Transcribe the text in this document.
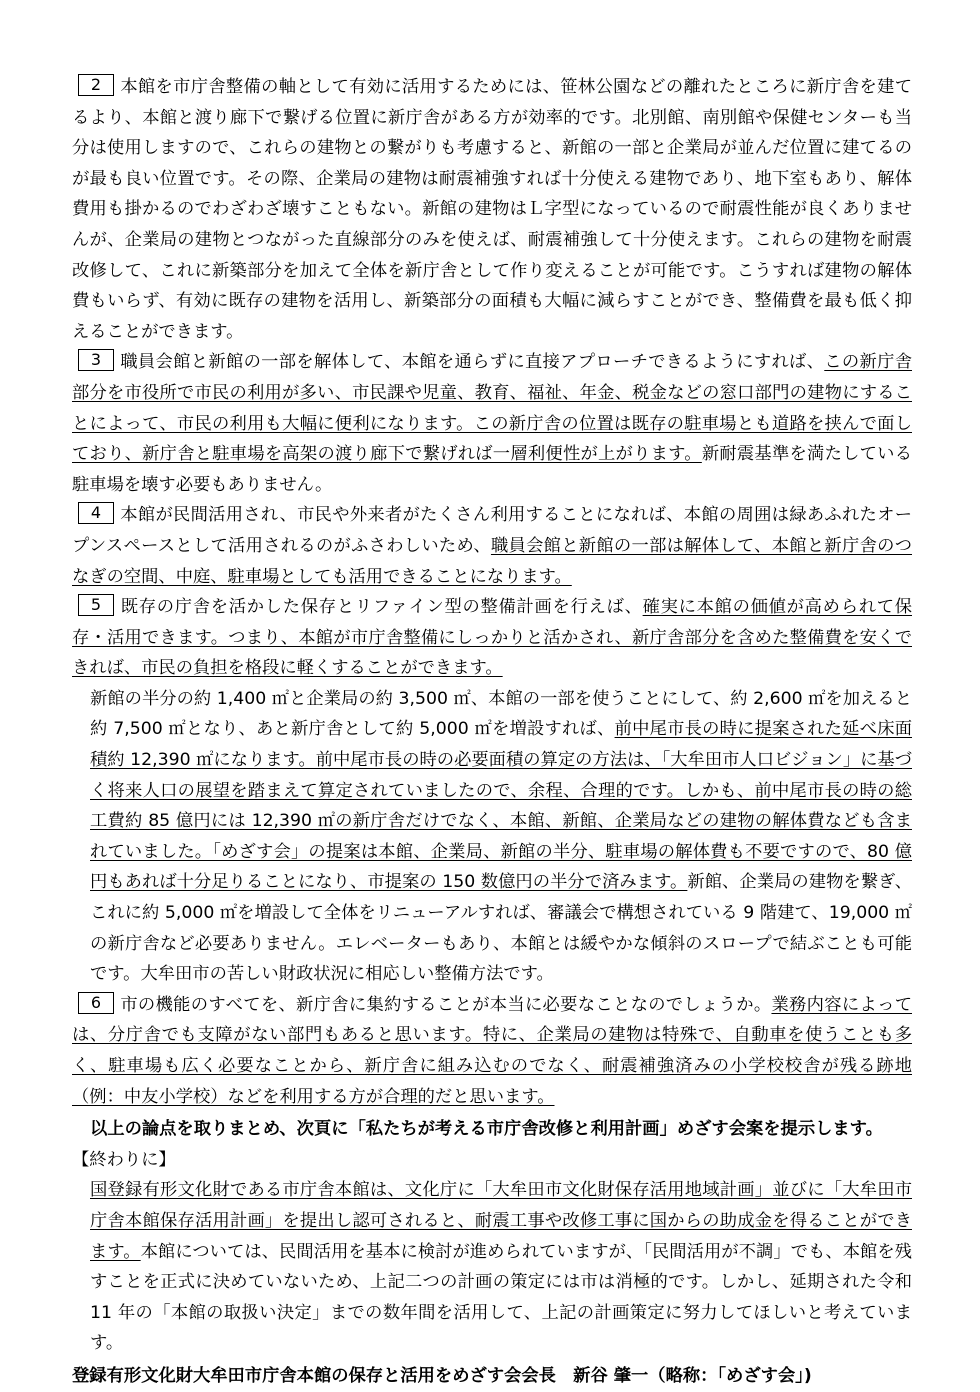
2 本館を市庁舎整備の軸として有効に活用するためには、笹林公園などの離れたところに新庁舎を建てるより、本館と渡り廊下で繋げる位置に新庁舎がある方が効率的です。北別館、南別館や保健センターも当分は使用しますので、これらの建物との繋がりも考慮すると、新館の一部と企業局が並んだ位置に建てるのが最も良い位置です。その際、企業局の建物は耐震補強すれば十分使える建物であり、地下室もあり、解体費用も掛かるのでわざわざ壊すこともない。新館の建物はＬ字型になっているので耐震性能が良くありませんが、企業局の建物とつながった直線部分のみを使えば、耐震補強して十分使えます。これらの建物を耐震改修して、これに新築部分を加えて全体を新庁舎として作り変えることが可能です。こうすれば建物の解体費もいらず、有効に既存の建物を活用し、新築部分の面積も大幅に減らすことができ、整備費を最も低く抑えることができます。

3 職員会館と新館の一部を解体して、本館を通らずに直接アプローチできるようにすれば、この新庁舎部分を市役所で市民の利用が多い、市民課や児童、教育、福祉、年金、税金などの窓口部門の建物にすることによって、市民の利用も大幅に便利になります。この新庁舎の位置は既存の駐車場とも道路を挟んで面しており、新庁舎と駐車場を高架の渡り廊下で繋げれば一層利便性が上がります。新耐震基準を満たしている駐車場を壊す必要もありません。

4 本館が民間活用され、市民や外来者がたくさん利用することになれば、本館の周囲は緑あふれたオープンスペースとして活用されるのがふさわしいため、職員会館と新館の一部は解体して、本館と新庁舎のつなぎの空間、中庭、駐車場としても活用できることになります。

5 既存の庁舎を活かした保存とリファイン型の整備計画を行えば、確実に本館の価値が高められて保存・活用できます。つまり、本館が市庁舎整備にしっかりと活かされ、新庁舎部分を含めた整備費を安くできれば、市民の負担を格段に軽くすることができます。

新館の半分の約 1,400 ㎡と企業局の約 3,500 ㎡、本館の一部を使うことにして、約 2,600 ㎡を加えると約 7,500 ㎡となり、あと新庁舎として約 5,000 ㎡を増設すれば、前中尾市長の時に提案された延べ床面積約 12,390 ㎡になります。前中尾市長の時の必要面積の算定の方法は、「大牟田市人口ビジョン」に基づく将来人口の展望を踏まえて算定されていましたので、余程、合理的です。しかも、前中尾市長の時の総工費約 85 億円には 12,390 ㎡の新庁舎だけでなく、本館、新館、企業局などの建物の解体費なども含まれていました。「めざす会」の提案は本館、企業局、新館の半分、駐車場の解体費も不要ですので、80 億円もあれば十分足りることになり、市提案の 150 数億円の半分で済みます。新館、企業局の建物を繋ぎ、これに約 5,000 ㎡を増設して全体をリニューアルすれば、審議会で構想されている 9 階建て、19,000 ㎡の新庁舎など必要ありません。エレベーターもあり、本館とは緩やかな傾斜のスロープで結ぶことも可能です。大牟田市の苦しい財政状況に相応しい整備方法です。

6 市の機能のすべてを、新庁舎に集約することが本当に必要なことなのでしょうか。業務内容によっては、分庁舎でも支障がない部門もあると思います。特に、企業局の建物は特殊で、自動車を使うことも多く、駐車場も広く必要なことから、新庁舎に組み込むのでなく、耐震補強済みの小学校校舎が残る跡地（例：中友小学校）などを利用する方が合理的だと思います。

以上の論点を取りまとめ、次頁に「私たちが考える市庁舎改修と利用計画」めざす会案を提示します。

【終わりに】

国登録有形文化財である市庁舎本館は、文化庁に「大牟田市文化財保存活用地域計画」並びに「大牟田市庁舎本館保存活用計画」を提出し認可されると、耐震工事や改修工事に国からの助成金を得ることができます。本館については、民間活用を基本に検討が進められていますが、「民間活用が不調」でも、本館を残すことを正式に決めていないため、上記二つの計画の策定には市は消極的です。しかし、延期された令和 11 年の「本館の取扱い決定」までの数年間を活用して、上記の計画策定に努力してほしいと考えています。

登録有形文化財大牟田市庁舎本館の保存と活用をめざす会会長　新谷 肇一（略称：「めざす会」)
